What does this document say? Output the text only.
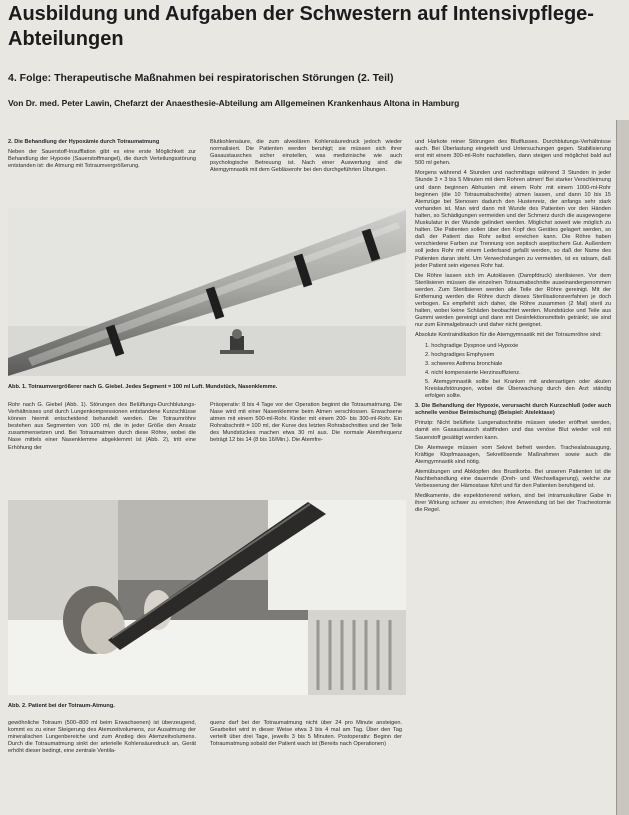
Ausbildung und Aufgaben der Schwestern auf Intensivpflege-Abteilungen
4. Folge: Therapeutische Maßnahmen bei respiratorischen Störungen (2. Teil)
Von Dr. med. Peter Lawin, Chefarzt der Anaesthesie-Abteilung am Allgemeinen Krankenhaus Altona in Hamburg

2. Die Behandlung der Hypoxämie durch Totraumatmung

Neben der Sauerstoff-Insufflation gibt es eine erste Möglichkeit zur Behandlung der Hypoxie (Sauerstoffmangel), die durch Verteilungsstörung entstanden ist: die Atmung mit Totraumvergrößerung.

Blutkohlensäure, die zum alveolären Kohlensäuredruck jedoch wieder normalisiert. Die Patienten werden beruhigt; sie müssen sich ihrer Gasaustausches sicher einstellen, was medizinische wie auch psychologische Betreuung ist. Nach einer Auswertung sind die Atemgymnastik mit dem Gebläserohr bei den durchgeführten Übungen.

Abb. 1. Totraumvergrößerer nach G. Giebel. Jedes Segment = 100 ml Luft. Mundstück, Nasenklemme.

Rohr nach G. Giebel (Abb. 1). Störungen des Belüftungs-Durchblutungs-Verhältnisses und durch Lungenkompressionen entstandene Kurzschlüsse können hiermit entscheidend behandelt werden. Die Totraumröhre bestehen aus Segmenten von 100 ml, die in jeder Größe den Ansatz zusammensetzen und. Bei Totraumatmen durch diese Röhre, wobei die Nase mittels einer Nasenklemme abgeklemmt ist (Abb. 2), tritt eine Erhöhung der

Präoperativ: 8 bis 4 Tage vor der Operation beginnt die Totraumatmung. Die Nase wird mit einer Nasenklemme beim Atmen verschlossen. Erwachsene atmen mit einem 500-ml-Rohr. Kinder mit einem 200- bis 300-ml-Rohr. Ein Rohrabschnitt = 100 ml, der Kurve des letzten Rohrabschnittes und der Teile des Mundstückes machen etwa 30 ml aus. Die normale Atemfrequenz beträgt 12 bis 14 (8 bis 16/Min.). Die Atemfre-

Abb. 2. Patient bei der Totraum-Atmung.

gewöhnliche Totraum (500–800 ml beim Erwachsenen) ist überzeugend, kommt es zu einer Steigerung des Atemzeitvolumens, zur Ausatmung der mineralischen Lungenbereiche und zum Anstieg des Atemzeitvolumens. Durch die Totraumatmung sinkt der arterielle Kohlensäuredruck an, Gerät erhöht dieser bedingt, eine zentrale Ventila-

quenz darf bei der Totraumatmung nicht über 24 pro Minute ansteigen. Gearbeitet wird in dieser Weise etwa 3 bis 4 mal am Tag. Über den Tag verteilt über drei Tage, jeweils 3 bis 5 Minuten. Postoperativ: Beginn der Totraumatmung sobald der Patient wach ist (Bereits nach Operationen)

und Harkote reiner Störungen des Blutflusses. Durchblutungs-Verhältnisse auch. Bei Überlastung eingeteilt und Untersuchungen gegen. Stabilisierung erst mit einem 300-ml-Rohr nachstellen, dann steigen und möglichst bald auf 500 ml gehen.

Morgens während 4 Stunden und nachmittags während 3 Stunden in jeder Stunde 3 × 3 bis 5 Minuten mit dem Rohren atmen! Bei starker Verschleimung und dann beginnen Abhusten mit einem Rohr mit einem 1000-ml-Rohr beginnen (die 10 Totraumabschnitte) atmen lassen, und dann 10 bis 15 Atemzüge bei Stenosen dadurch den Hustenreiz, der anfangs sehr stark vorhanden ist. Man wird dann mit Wunde des Patienten vor den Händen halten, so Schädigungen vermeiden und der Schmerz durch die ausgewogene Muskulatur in der Wunde gelindert werden. Möglichst soweit wie möglich zu halten. Die Patienten sollen über den Kopf des Gerätes gelagert werden, so daß der Patient das Rohr selbst erreichen kann. Die Röhre haben verschiedene Farben zur Trennung von septisch aseptischem Gut. Außerdem soll jedes Rohr mit einem Lederband gefaßt werden, so daß der Name des Patienten daran steht. Um Verwechslungen zu vermeiden, ist es ratsam, daß jeder Patient sein eigenes Rohr hat.

Die Röhre lassen sich im Autoklaven (Dampfdruck) sterilisieren. Vor dem Sterilisieren müssen die einzelnen Totraumabschnitte auseinandergenommen werden. Zum Sterilisieren werden alle Teile der Röhre gereinigt. Mit der Entfernung werden die Röhre durch dieses Sterilisationsverfahren je doch verbogen. Es empfiehlt sich daher, die Röhre zusammen (2 Mal) steril zu halten, wobei keine Schäden beobachtet werden. Mundstücke und Teile aus Gummi werden gereinigt und dann mit Desinfektionsmitteln getränkt; sie sind nur zum Einmalgebrauch und daher nicht geeignet.

Absolute Kontraindikation für die Atemgymnastik mit der Totraumröhre sind:

1. hochgradige Dyspnoe und Hypoxie
2. hochgradiges Emphysem
3. schweres Asthma bronchiale
4. nicht kompensierte Herzinsuffizienz.
5. Atemgymnastik sollte bei Kranken mit andersartigen oder akuten Kreislaufstörungen, wobei die Überwachung durch den Arzt ständig erfolgen sollte.

3. Die Behandlung der Hypoxie, verursacht durch Kurzschluß (oder auch schnelle venöse Beimischung) (Beispiel: Atelektase)

Prinzip: Nicht belüftete Lungenabschnitte müssen wieder eröffnet werden, damit ein Gasaustausch stattfinden und das venöse Blut wieder voll mit Sauerstoff gesättigt werden kann.

Die Atemwege müssen vom Sekret befreit werden. Trachealabsaugung, Kräftige Klopfmassagen, Sekretlösende Maßnahmen sowie auch die Atemgymnastik sind nötig.

Atemübungen und Abklopfen des Brustkorbs. Bei unseren Patienten ist die Nachbehandlung eine dauernde (Dreh- und Wechsellagerung), welche zur Verbesserung der Hämostase führt und für den Patienten beruhigend ist.

Medikamente, die expektorierend wirken, sind bei intramuskulärer Gabe in ihrer Wirkung schwer zu erreichen; ihre Anwendung ist bei der Tracheotomie die Regel.
